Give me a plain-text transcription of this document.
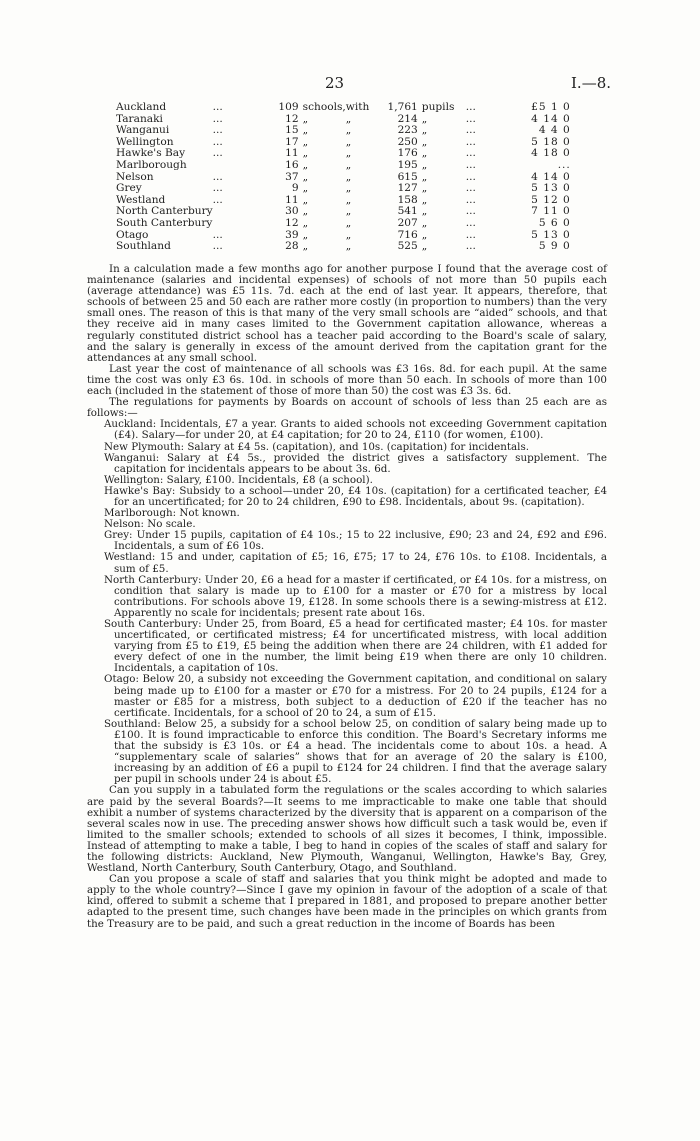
23	I.—8.
Auckland	...	109	schools,	with	1,761	pupils	...	£5 1 0
Taranaki	...	12	„	„	214	„	...	4 14 0
Wanganui	...	15	„	„	223	„	...	4 4 0
Wellington	...	17	„	„	250	„	...	5 18 0
Hawke's Bay	...	11	„	„	176	„	...	4 18 0
Marlborough		16	„	„	195	„	...	...
Nelson	...	37	„	„	615	„	...	4 14 0
Grey	...	9	„	„	127	„	...	5 13 0
Westland	...	11	„	„	158	„	...	5 12 0
North Canterbury		30	„	„	541	„	...	7 11 0
South Canterbury		12	„	„	207	„	...	5 6 0
Otago	...	39	„	„	716	„	...	5 13 0
Southland	...	28	„	„	525	„	...	5 9 0

In a calculation made a few months ago for another purpose I found that the average cost of maintenance (salaries and incidental expenses) of schools of not more than 50 pupils each (average attendance) was £5 11s. 7d. each at the end of last year. It appears, therefore, that schools of between 25 and 50 each are rather more costly (in proportion to numbers) than the very small ones. The reason of this is that many of the very small schools are “aided” schools, and that they receive aid in many cases limited to the Government capitation allowance, whereas a regularly constituted district school has a teacher paid according to the Board's scale of salary, and the salary is generally in excess of the amount derived from the capitation grant for the attendances at any small school.

Last year the cost of maintenance of all schools was £3 16s. 8d. for each pupil. At the same time the cost was only £3 6s. 10d. in schools of more than 50 each. In schools of more than 100 each (included in the statement of those of more than 50) the cost was £3 3s. 6d.

The regulations for payments by Boards on account of schools of less than 25 each are as follows:—

Auckland: Incidentals, £7 a year. Grants to aided schools not exceeding Government capitation (£4). Salary—for under 20, at £4 capitation; for 20 to 24, £110 (for women, £100).

New Plymouth: Salary at £4 5s. (capitation), and 10s. (capitation) for incidentals.

Wanganui: Salary at £4 5s., provided the district gives a satisfactory supplement. The capitation for incidentals appears to be about 3s. 6d.

Wellington: Salary, £100. Incidentals, £8 (a school).

Hawke's Bay: Subsidy to a school—under 20, £4 10s. (capitation) for a certificated teacher, £4 for an uncertificated; for 20 to 24 children, £90 to £98. Incidentals, about 9s. (capitation).

Marlborough: Not known.

Nelson: No scale.

Grey: Under 15 pupils, capitation of £4 10s.; 15 to 22 inclusive, £90; 23 and 24, £92 and £96. Incidentals, a sum of £6 10s.

Westland: 15 and under, capitation of £5; 16, £75; 17 to 24, £76 10s. to £108. Incidentals, a sum of £5.

North Canterbury: Under 20, £6 a head for a master if certificated, or £4 10s. for a mistress, on condition that salary is made up to £100 for a master or £70 for a mistress by local contributions. For schools above 19, £128. In some schools there is a sewing-mistress at £12. Apparently no scale for incidentals; present rate about 16s.

South Canterbury: Under 25, from Board, £5 a head for certificated master; £4 10s. for master uncertificated, or certificated mistress; £4 for uncertificated mistress, with local addition varying from £5 to £19, £5 being the addition when there are 24 children, with £1 added for every defect of one in the number, the limit being £19 when there are only 10 children. Incidentals, a capitation of 10s.

Otago: Below 20, a subsidy not exceeding the Government capitation, and conditional on salary being made up to £100 for a master or £70 for a mistress. For 20 to 24 pupils, £124 for a master or £85 for a mistress, both subject to a deduction of £20 if the teacher has no certificate. Incidentals, for a school of 20 to 24, a sum of £15.

Southland: Below 25, a subsidy for a school below 25, on condition of salary being made up to £100. It is found impracticable to enforce this condition. The Board's Secretary informs me that the subsidy is £3 10s. or £4 a head. The incidentals come to about 10s. a head. A “supplementary scale of salaries” shows that for an average of 20 the salary is £100, increasing by an addition of £6 a pupil to £124 for 24 children. I find that the average salary per pupil in schools under 24 is about £5.

Can you supply in a tabulated form the regulations or the scales according to which salaries are paid by the several Boards?—It seems to me impracticable to make one table that should exhibit a number of systems characterized by the diversity that is apparent on a comparison of the several scales now in use. The preceding answer shows how difficult such a task would be, even if limited to the smaller schools; extended to schools of all sizes it becomes, I think, impossible. Instead of attempting to make a table, I beg to hand in copies of the scales of staff and salary for the following districts: Auckland, New Plymouth, Wanganui, Wellington, Hawke's Bay, Grey, Westland, North Canterbury, South Canterbury, Otago, and Southland.

Can you propose a scale of staff and salaries that you think might be adopted and made to apply to the whole country?—Since I gave my opinion in favour of the adoption of a scale of that kind, offered to submit a scheme that I prepared in 1881, and proposed to prepare another better adapted to the present time, such changes have been made in the principles on which grants from the Treasury are to be paid, and such a great reduction in the income of Boards has been
